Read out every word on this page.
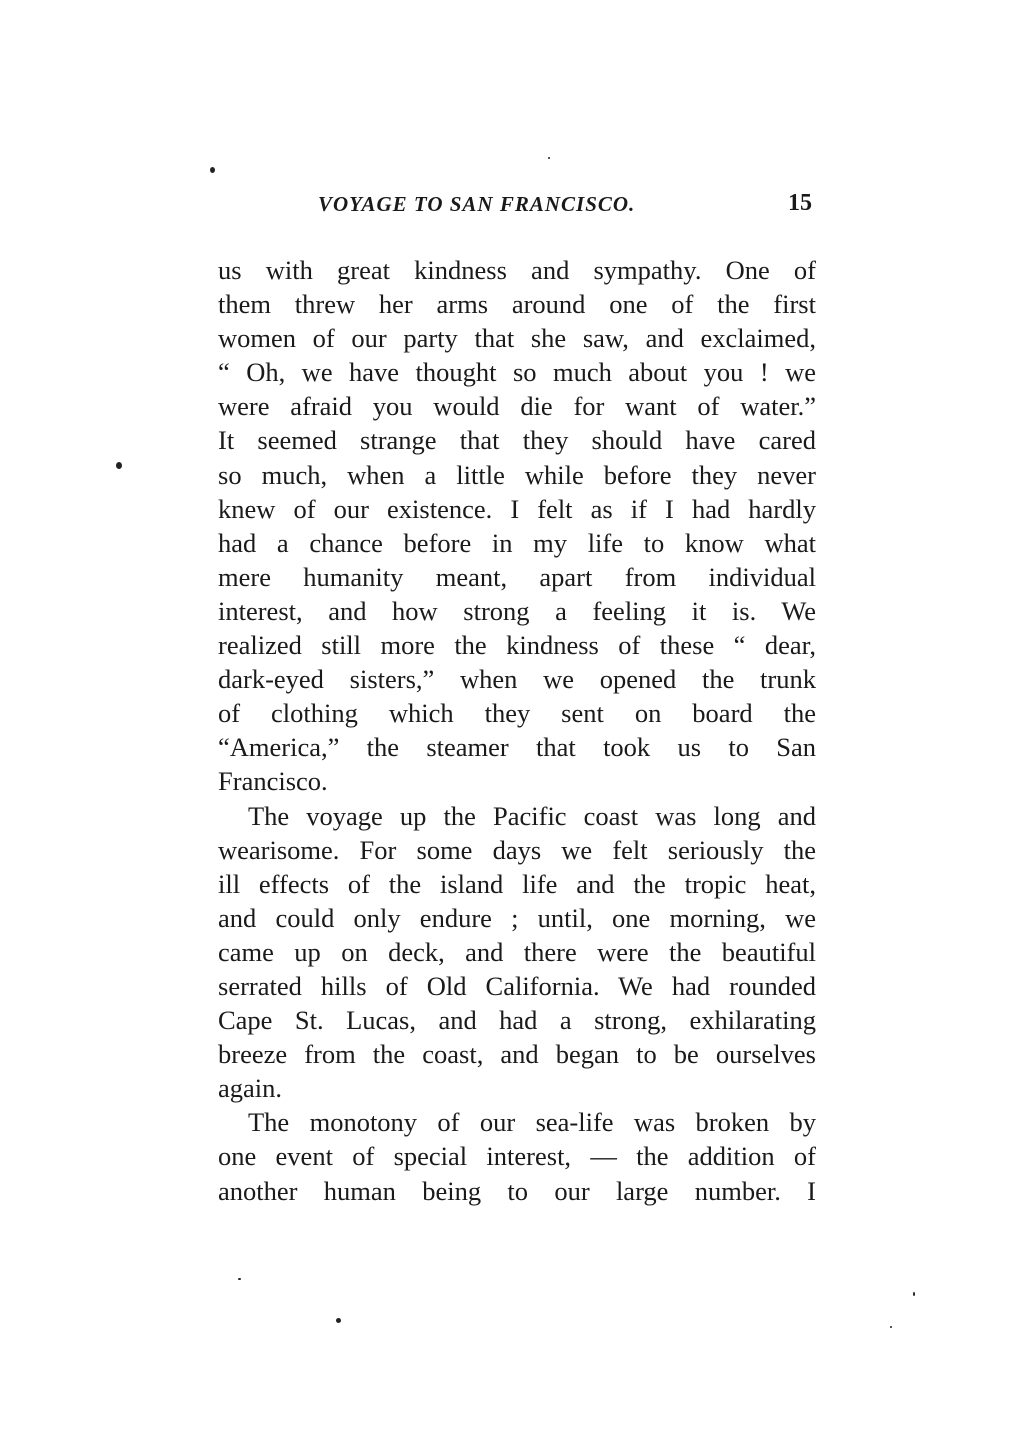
VOYAGE TO SAN FRANCISCO.	15
us with great kindness and sympathy. One of
them threw her arms around one of the first
women of our party that she saw, and exclaimed,
“ Oh, we have thought so much about you ! we
were afraid you would die for want of water.”
It seemed strange that they should have cared
so much, when a little while before they never
knew of our existence. I felt as if I had hardly
had a chance before in my life to know what
mere humanity meant, apart from individual
interest, and how strong a feeling it is. We
realized still more the kindness of these “ dear,
dark-eyed sisters,” when we opened the trunk
of clothing which they sent on board the
“America,” the steamer that took us to San
Francisco.
The voyage up the Pacific coast was long and
wearisome. For some days we felt seriously the
ill effects of the island life and the tropic heat,
and could only endure ; until, one morning, we
came up on deck, and there were the beautiful
serrated hills of Old California. We had rounded
Cape St. Lucas, and had a strong, exhilarating
breeze from the coast, and began to be ourselves
again.
The monotony of our sea-life was broken by
one event of special interest, — the addition of
another human being to our large number. I
